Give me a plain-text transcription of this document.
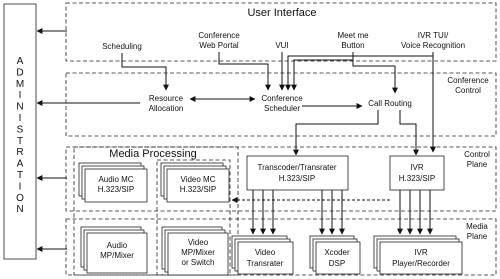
A
D
M
I
N
I
S
T
R
A
T
I
O
N
User Interface
Conference
Control
Control
Plane
Media
Plane
Scheduling
Conference
Web Portal	VUI
Meet me
Button
IVR TUI/
Voice Recognition
Resource
Allocation
Conference
Scheduler
Call Routing
Media Processing
Audio MC
H.323/SIP
Video MC
H.323/SIP
Audio
MP/Mixer
Video
MP/Mixer
or Switch
Transcoder/Transrater
H.323/SIP
IVR
H.323/SIP
Video
Transrater
Xcoder
DSP
IVR
Player/Recorder
